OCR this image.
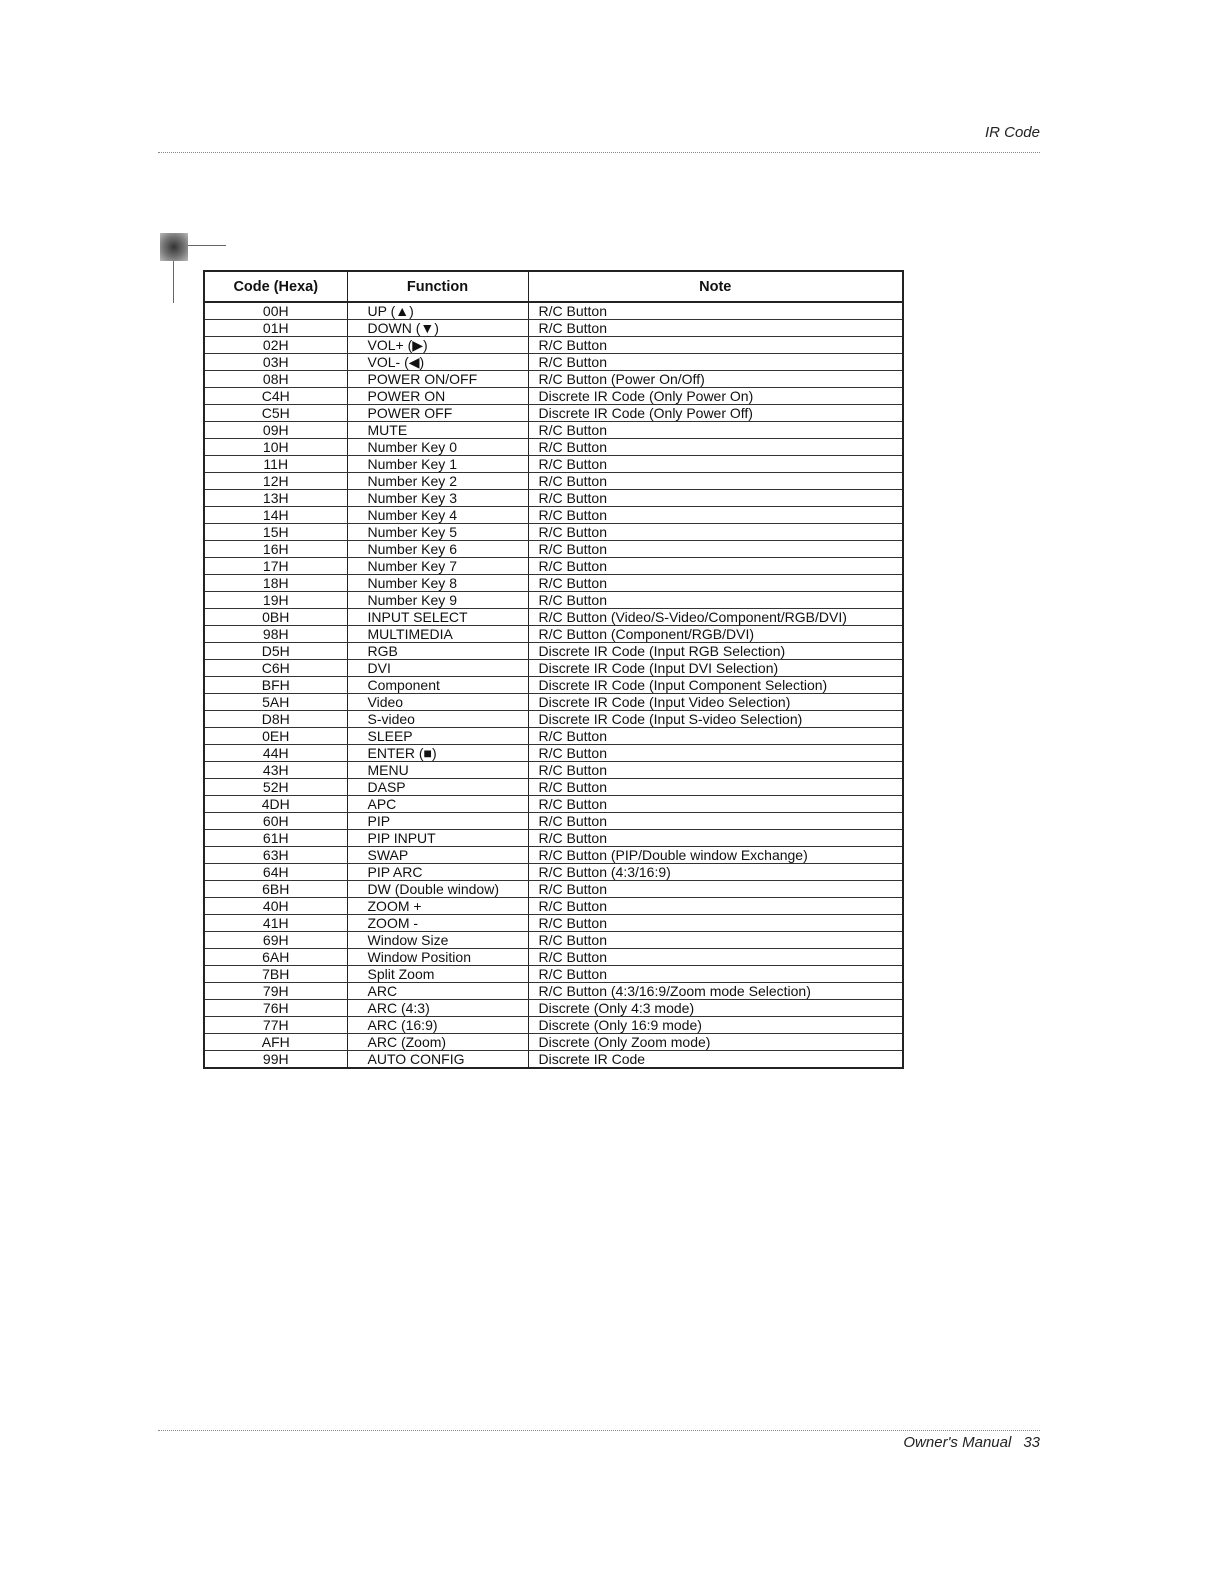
IR Code
Code (Hexa)	Function	Note
00H	UP (▲)	R/C Button
01H	DOWN (▼)	R/C Button
02H	VOL+ (▶)	R/C Button
03H	VOL- (◀)	R/C Button
08H	POWER ON/OFF	R/C Button (Power On/Off)
C4H	POWER ON	Discrete IR Code (Only Power On)
C5H	POWER OFF	Discrete IR Code (Only Power Off)
09H	MUTE	R/C Button
10H	Number Key 0	R/C Button
11H	Number Key 1	R/C Button
12H	Number Key 2	R/C Button
13H	Number Key 3	R/C Button
14H	Number Key 4	R/C Button
15H	Number Key 5	R/C Button
16H	Number Key 6	R/C Button
17H	Number Key 7	R/C Button
18H	Number Key 8	R/C Button
19H	Number Key 9	R/C Button
0BH	INPUT SELECT	R/C Button (Video/S-Video/Component/RGB/DVI)
98H	MULTIMEDIA	R/C Button (Component/RGB/DVI)
D5H	RGB	Discrete IR Code (Input RGB Selection)
C6H	DVI	Discrete IR Code (Input DVI Selection)
BFH	Component	Discrete IR Code (Input Component Selection)
5AH	Video	Discrete IR Code (Input Video Selection)
D8H	S-video	Discrete IR Code (Input S-video Selection)
0EH	SLEEP	R/C Button
44H	ENTER (■)	R/C Button
43H	MENU	R/C Button
52H	DASP	R/C Button
4DH	APC	R/C Button
60H	PIP	R/C Button
61H	PIP INPUT	R/C Button
63H	SWAP	R/C Button (PIP/Double window Exchange)
64H	PIP ARC	R/C Button (4:3/16:9)
6BH	DW (Double window)	R/C Button
40H	ZOOM +	R/C Button
41H	ZOOM -	R/C Button
69H	Window Size	R/C Button
6AH	Window Position	R/C Button
7BH	Split Zoom	R/C Button
79H	ARC	R/C Button (4:3/16:9/Zoom mode Selection)
76H	ARC (4:3)	Discrete (Only 4:3 mode)
77H	ARC (16:9)	Discrete (Only 16:9 mode)
AFH	ARC (Zoom)	Discrete (Only Zoom mode)
99H	AUTO CONFIG	Discrete IR Code
Owner's Manual 33
